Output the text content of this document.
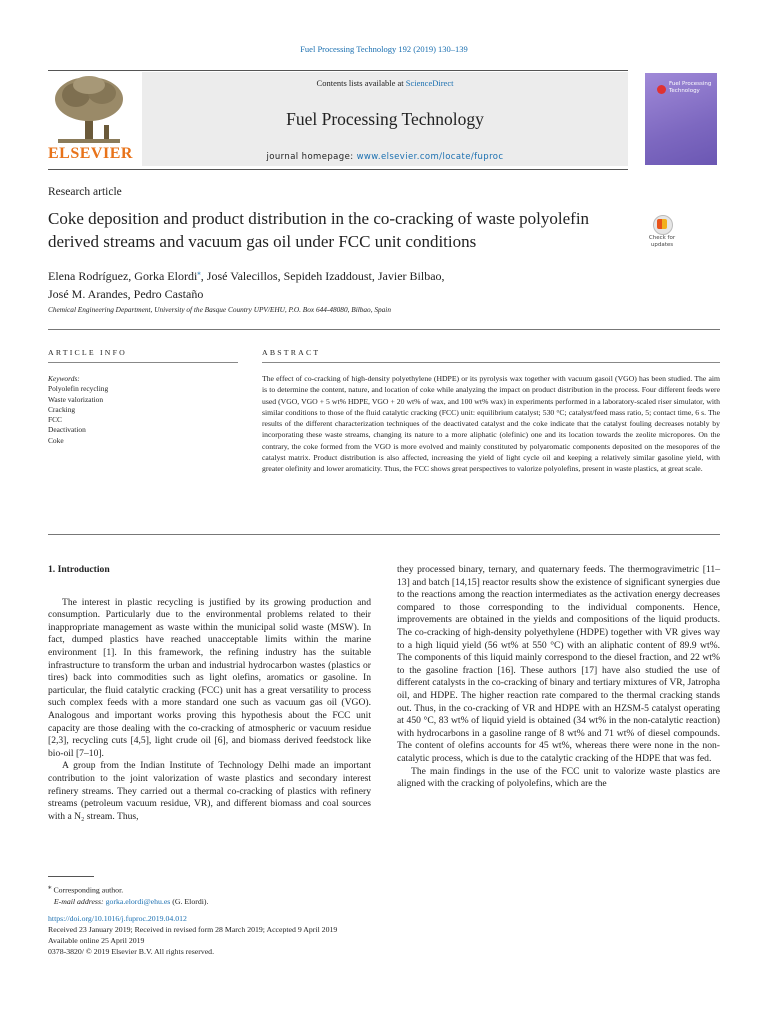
Fuel Processing Technology 192 (2019) 130–139
ELSEVIER
Contents lists available at ScienceDirect
Fuel Processing Technology
journal homepage: www.elsevier.com/locate/fuproc
Fuel Processing Technology
Research article
Coke deposition and product distribution in the co-cracking of waste polyolefin derived streams and vacuum gas oil under FCC unit conditions	Check for updates
Elena Rodríguez, Gorka Elordi⁎, José Valecillos, Sepideh Izaddoust, Javier Bilbao,
José M. Arandes, Pedro Castaño
Chemical Engineering Department, University of the Basque Country UPV/EHU, P.O. Box 644-48080, Bilbao, Spain
ARTICLE INFO
Keywords:
Polyolefin recycling
Waste valorization
Cracking
FCC
Deactivation
Coke
ABSTRACT
The effect of co-cracking of high-density polyethylene (HDPE) or its pyrolysis wax together with vacuum gasoil (VGO) has been studied. The aim is to determine the content, nature, and location of coke while analyzing the impact on product distribution in the process. Four different feeds were used (VGO, VGO + 5 wt% HDPE, VGO + 20 wt% of wax, and 100 wt% wax) in experiments performed in a laboratory-scaled riser simulator, with similar conditions to those of the fluid catalytic cracking (FCC) unit: equilibrium catalyst; 530 °C; catalyst/feed mass ratio, 5; contact time, 6 s. The results of the different characterization techniques of the deactivated catalyst and the coke indicate that the catalyst fouling decreases notably by incorporating these waste streams, changing its nature to a more aliphatic (olefinic) one and its location towards the zeolite micropores. On the contrary, the coke formed from the VGO is more evolved and mainly constituted by polyaromatic components deposited on the mesopores of the catalyst matrix. Product distribution is also affected, increasing the yield of light cycle oil and keeping a relatively similar gasoline yield, with greater olefinity and lower aromaticity. Thus, the FCC shows great perspectives to valorize polyolefins, present in waste plastics, at great scale.

1. Introduction

The interest in plastic recycling is justified by its growing production and consumption. Particularly due to the environmental problems related to their inappropriate management as waste within the municipal solid waste (MSW). In fact, dumped plastics have reached unacceptable limits within the marine environment [1]. In this framework, the refining industry has the suitable infrastructure to transform the urban and industrial hydrocarbon wastes (plastics or tires) back into commodities such as light olefins, aromatics or gasoline. In particular, the fluid catalytic cracking (FCC) unit has a great versatility to process such complex feeds with a more standard one such as vacuum gas oil (VGO). Analogous and important works proving this hypothesis about the FCC unit capacity are those dealing with the co-cracking of atmospheric or vacuum residue [2,3], recycling cuts [4,5], light crude oil [6], and biomass derived feedstock like bio-oil [7–10].

A group from the Indian Institute of Technology Delhi made an important contribution to the joint valorization of waste plastics and secondary interest refinery streams. They carried out a thermal co-cracking of plastics with refinery streams (petroleum vacuum residue, VR), and different biomass and coal sources with a N₂ stream. Thus,

they processed binary, ternary, and quaternary feeds. The thermogravimetric [11–13] and batch [14,15] reactor results show the existence of significant synergies due to the reactions among the reaction intermediates as the activation energy decreases compared to those corresponding to the individual components. Hence, improvements are obtained in the yields and compositions of the liquid products. The co-cracking of high-density polyethylene (HDPE) together with VR gives way to a high liquid yield (56 wt% at 550 °C) with an aliphatic content of 89.9 wt%. The components of this liquid mainly correspond to the diesel fraction, and 22 wt% to the gasoline fraction [16]. These authors [17] have also studied the use of different catalysts in the co-cracking of binary and tertiary mixtures of VR, Jatropha oil, and HDPE. The higher reaction rate compared to the thermal cracking stands out. Thus, in the co-cracking of VR and HDPE with an HZSM-5 catalyst operating at 450 °C, 83 wt% of liquid yield is obtained (34 wt% in the non-catalytic reaction) with hydrocarbons in a gasoline range of 8 wt% and 71 wt% of diesel compounds. The content of olefins accounts for 45 wt%, whereas there were none in the non-catalytic process, which is due to the catalytic cracking of the HDPE that was fed.

The main findings in the use of the FCC unit to valorize waste plastics are aligned with the cracking of polyolefins, which are the

⁎ Corresponding author.
E-mail address: gorka.elordi@ehu.es (G. Elordi).
https://doi.org/10.1016/j.fuproc.2019.04.012
Received 23 January 2019; Received in revised form 28 March 2019; Accepted 9 April 2019
Available online 25 April 2019
0378-3820/ © 2019 Elsevier B.V. All rights reserved.
